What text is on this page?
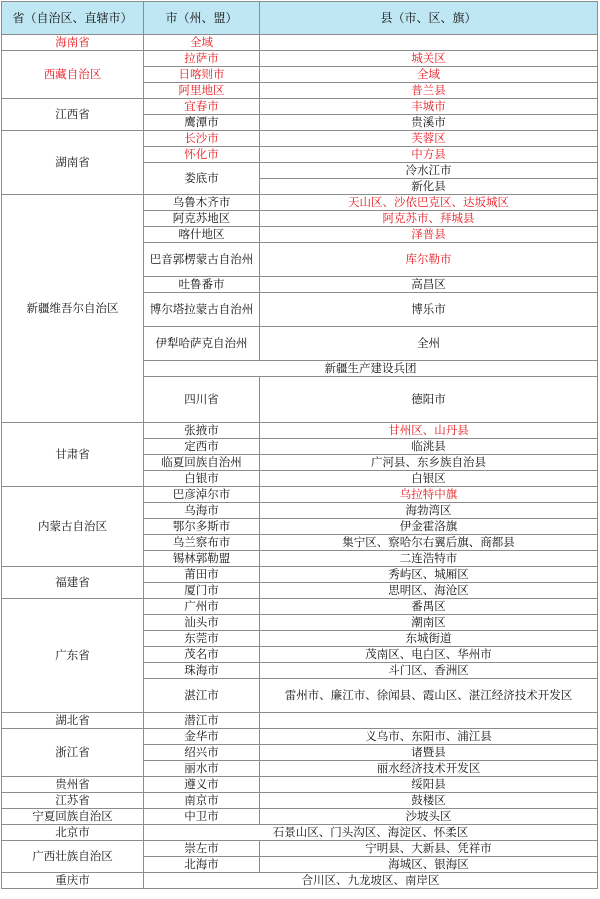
省（自治区、直辖市）	市（州、盟）	县（市、区、旗）	
海南省	全域		
西藏自治区	拉萨市	城关区	
	日喀则市	全域	
	阿里地区	普兰县	
江西省	宜春市	丰城市	
	鹰潭市	贵溪市	
湖南省	长沙市	芙蓉区	
	怀化市	中方县	
	娄底市	冷水江市	
		新化县	
新疆维吾尔自治区	乌鲁木齐市	天山区、沙依巴克区、达坂城区	
	阿克苏地区	阿克苏市、拜城县	
	喀什地区	泽普县	
	巴音郭楞蒙古自治州	库尔勒市	
	吐鲁番市	高昌区	
	博尔塔拉蒙古自治州	博乐市	
	伊犁哈萨克自治州	全州	
	新疆生产建设兵团		
	四川省	德阳市	
甘肃省	张掖市	甘州区、山丹县	
	定西市	临洮县	
	临夏回族自治州	广河县、东乡族自治县	
	白银市	白银区	
内蒙古自治区	巴彦淖尔市	乌拉特中旗	
	乌海市	海勃湾区	
	鄂尔多斯市	伊金霍洛旗	
	乌兰察布市	集宁区、察哈尔右翼后旗、商都县	
	锡林郭勒盟	二连浩特市	
福建省	莆田市	秀屿区、城厢区	
	厦门市	思明区、海沧区	
广东省	广州市	番禺区	
	汕头市	潮南区	
	东莞市	东城街道	
	茂名市	茂南区、电白区、华州市	
	珠海市	斗门区、香洲区	
	湛江市	雷州市、廉江市、徐闻县、霞山区、湛江经济技术开发区	
湖北省	潜江市		
浙江省	金华市	义乌市、东阳市、浦江县	
	绍兴市	诸暨县	
	丽水市	丽水经济技术开发区	
贵州省	遵义市	绥阳县	
江苏省	南京市	鼓楼区	
宁夏回族自治区	中卫市	沙坡头区	
北京市	石景山区、门头沟区、海淀区、怀柔区		
广西壮族自治区	崇左市	宁明县、大新县、凭祥市	
	北海市	海城区、银海区	
重庆市	合川区、九龙坡区、南岸区		
